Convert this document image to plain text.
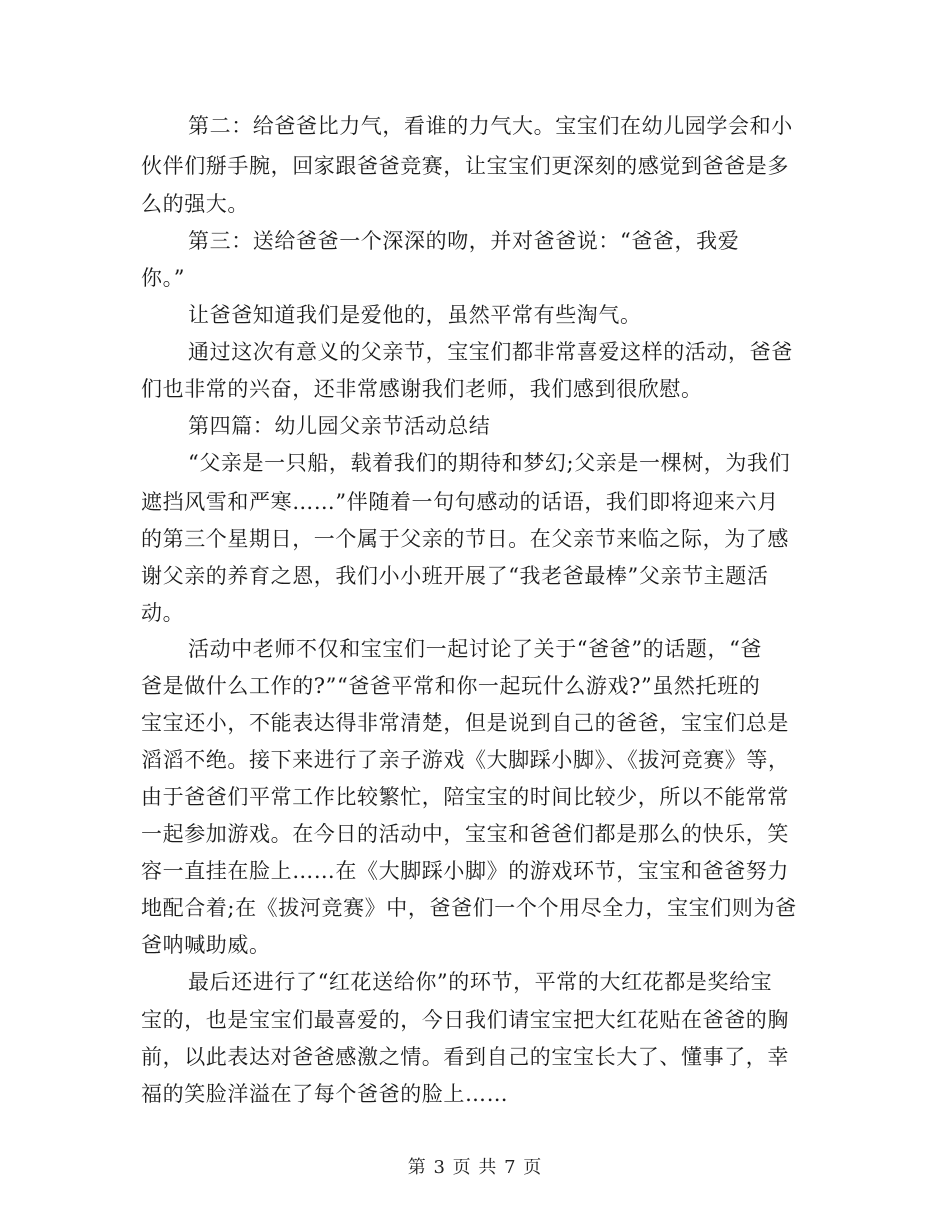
第二：给爸爸比力气，看谁的力气大。宝宝们在幼儿园学会和小
伙伴们掰手腕，回家跟爸爸竞赛，让宝宝们更深刻的感觉到爸爸是多
么的强大。
第三：送给爸爸一个深深的吻，并对爸爸说：“爸爸，我爱
你。”
让爸爸知道我们是爱他的，虽然平常有些淘气。
通过这次有意义的父亲节，宝宝们都非常喜爱这样的活动，爸爸
们也非常的兴奋，还非常感谢我们老师，我们感到很欣慰。
第四篇：幼儿园父亲节活动总结
“父亲是一只船，载着我们的期待和梦幻;父亲是一棵树，为我们
遮挡风雪和严寒……”伴随着一句句感动的话语，我们即将迎来六月
的第三个星期日，一个属于父亲的节日。在父亲节来临之际，为了感
谢父亲的养育之恩，我们小小班开展了“我老爸最棒”父亲节主题活
动。
活动中老师不仅和宝宝们一起讨论了关于“爸爸”的话题，“爸
爸是做什么工作的?”“爸爸平常和你一起玩什么游戏?”虽然托班的
宝宝还小，不能表达得非常清楚，但是说到自己的爸爸，宝宝们总是
滔滔不绝。接下来进行了亲子游戏《大脚踩小脚》、《拔河竞赛》等，
由于爸爸们平常工作比较繁忙，陪宝宝的时间比较少，所以不能常常
一起参加游戏。在今日的活动中，宝宝和爸爸们都是那么的快乐，笑
容一直挂在脸上……在《大脚踩小脚》的游戏环节，宝宝和爸爸努力
地配合着;在《拔河竞赛》中，爸爸们一个个用尽全力，宝宝们则为爸
爸呐喊助威。
最后还进行了“红花送给你”的环节，平常的大红花都是奖给宝
宝的，也是宝宝们最喜爱的，今日我们请宝宝把大红花贴在爸爸的胸
前，以此表达对爸爸感激之情。看到自己的宝宝长大了、懂事了，幸
福的笑脸洋溢在了每个爸爸的脸上……
第 3 页 共 7 页
